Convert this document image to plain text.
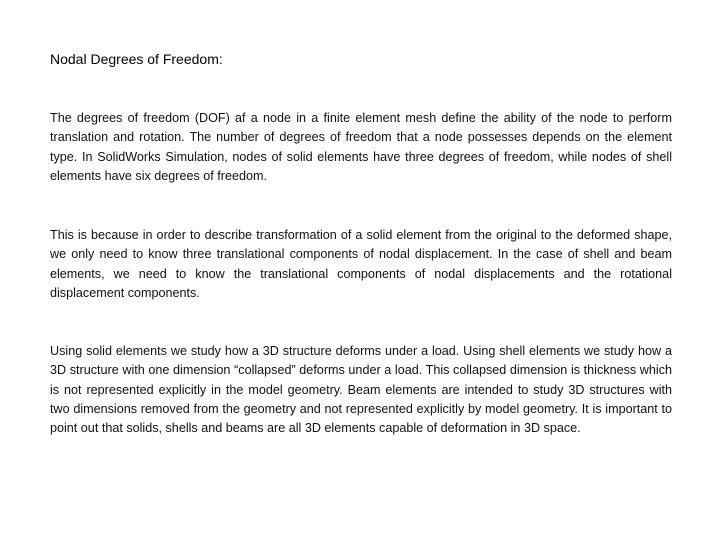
Nodal Degrees of Freedom:

The degrees of freedom (DOF) af a node in a finite element mesh define the ability of the node to perform translation and rotation. The number of degrees of freedom that a node possesses depends on the element type. In SolidWorks Simulation, nodes of solid elements have three degrees of freedom, while nodes of shell elements have six degrees of freedom.

This is because in order to describe transformation of a solid element from the original to the deformed shape, we only need to know three translational components of nodal displacement. In the case of shell and beam elements, we need to know the translational components of nodal displacements and the rotational displacement components.

Using solid elements we study how a 3D structure deforms under a load. Using shell elements we study how a 3D structure with one dimension “collapsed” deforms under a load. This collapsed dimension is thickness which is not represented explicitly in the model geometry. Beam elements are intended to study 3D structures with two dimensions removed from the geometry and not represented explicitly by model geometry. It is important to point out that solids, shells and beams are all 3D elements capable of deformation in 3D space.
